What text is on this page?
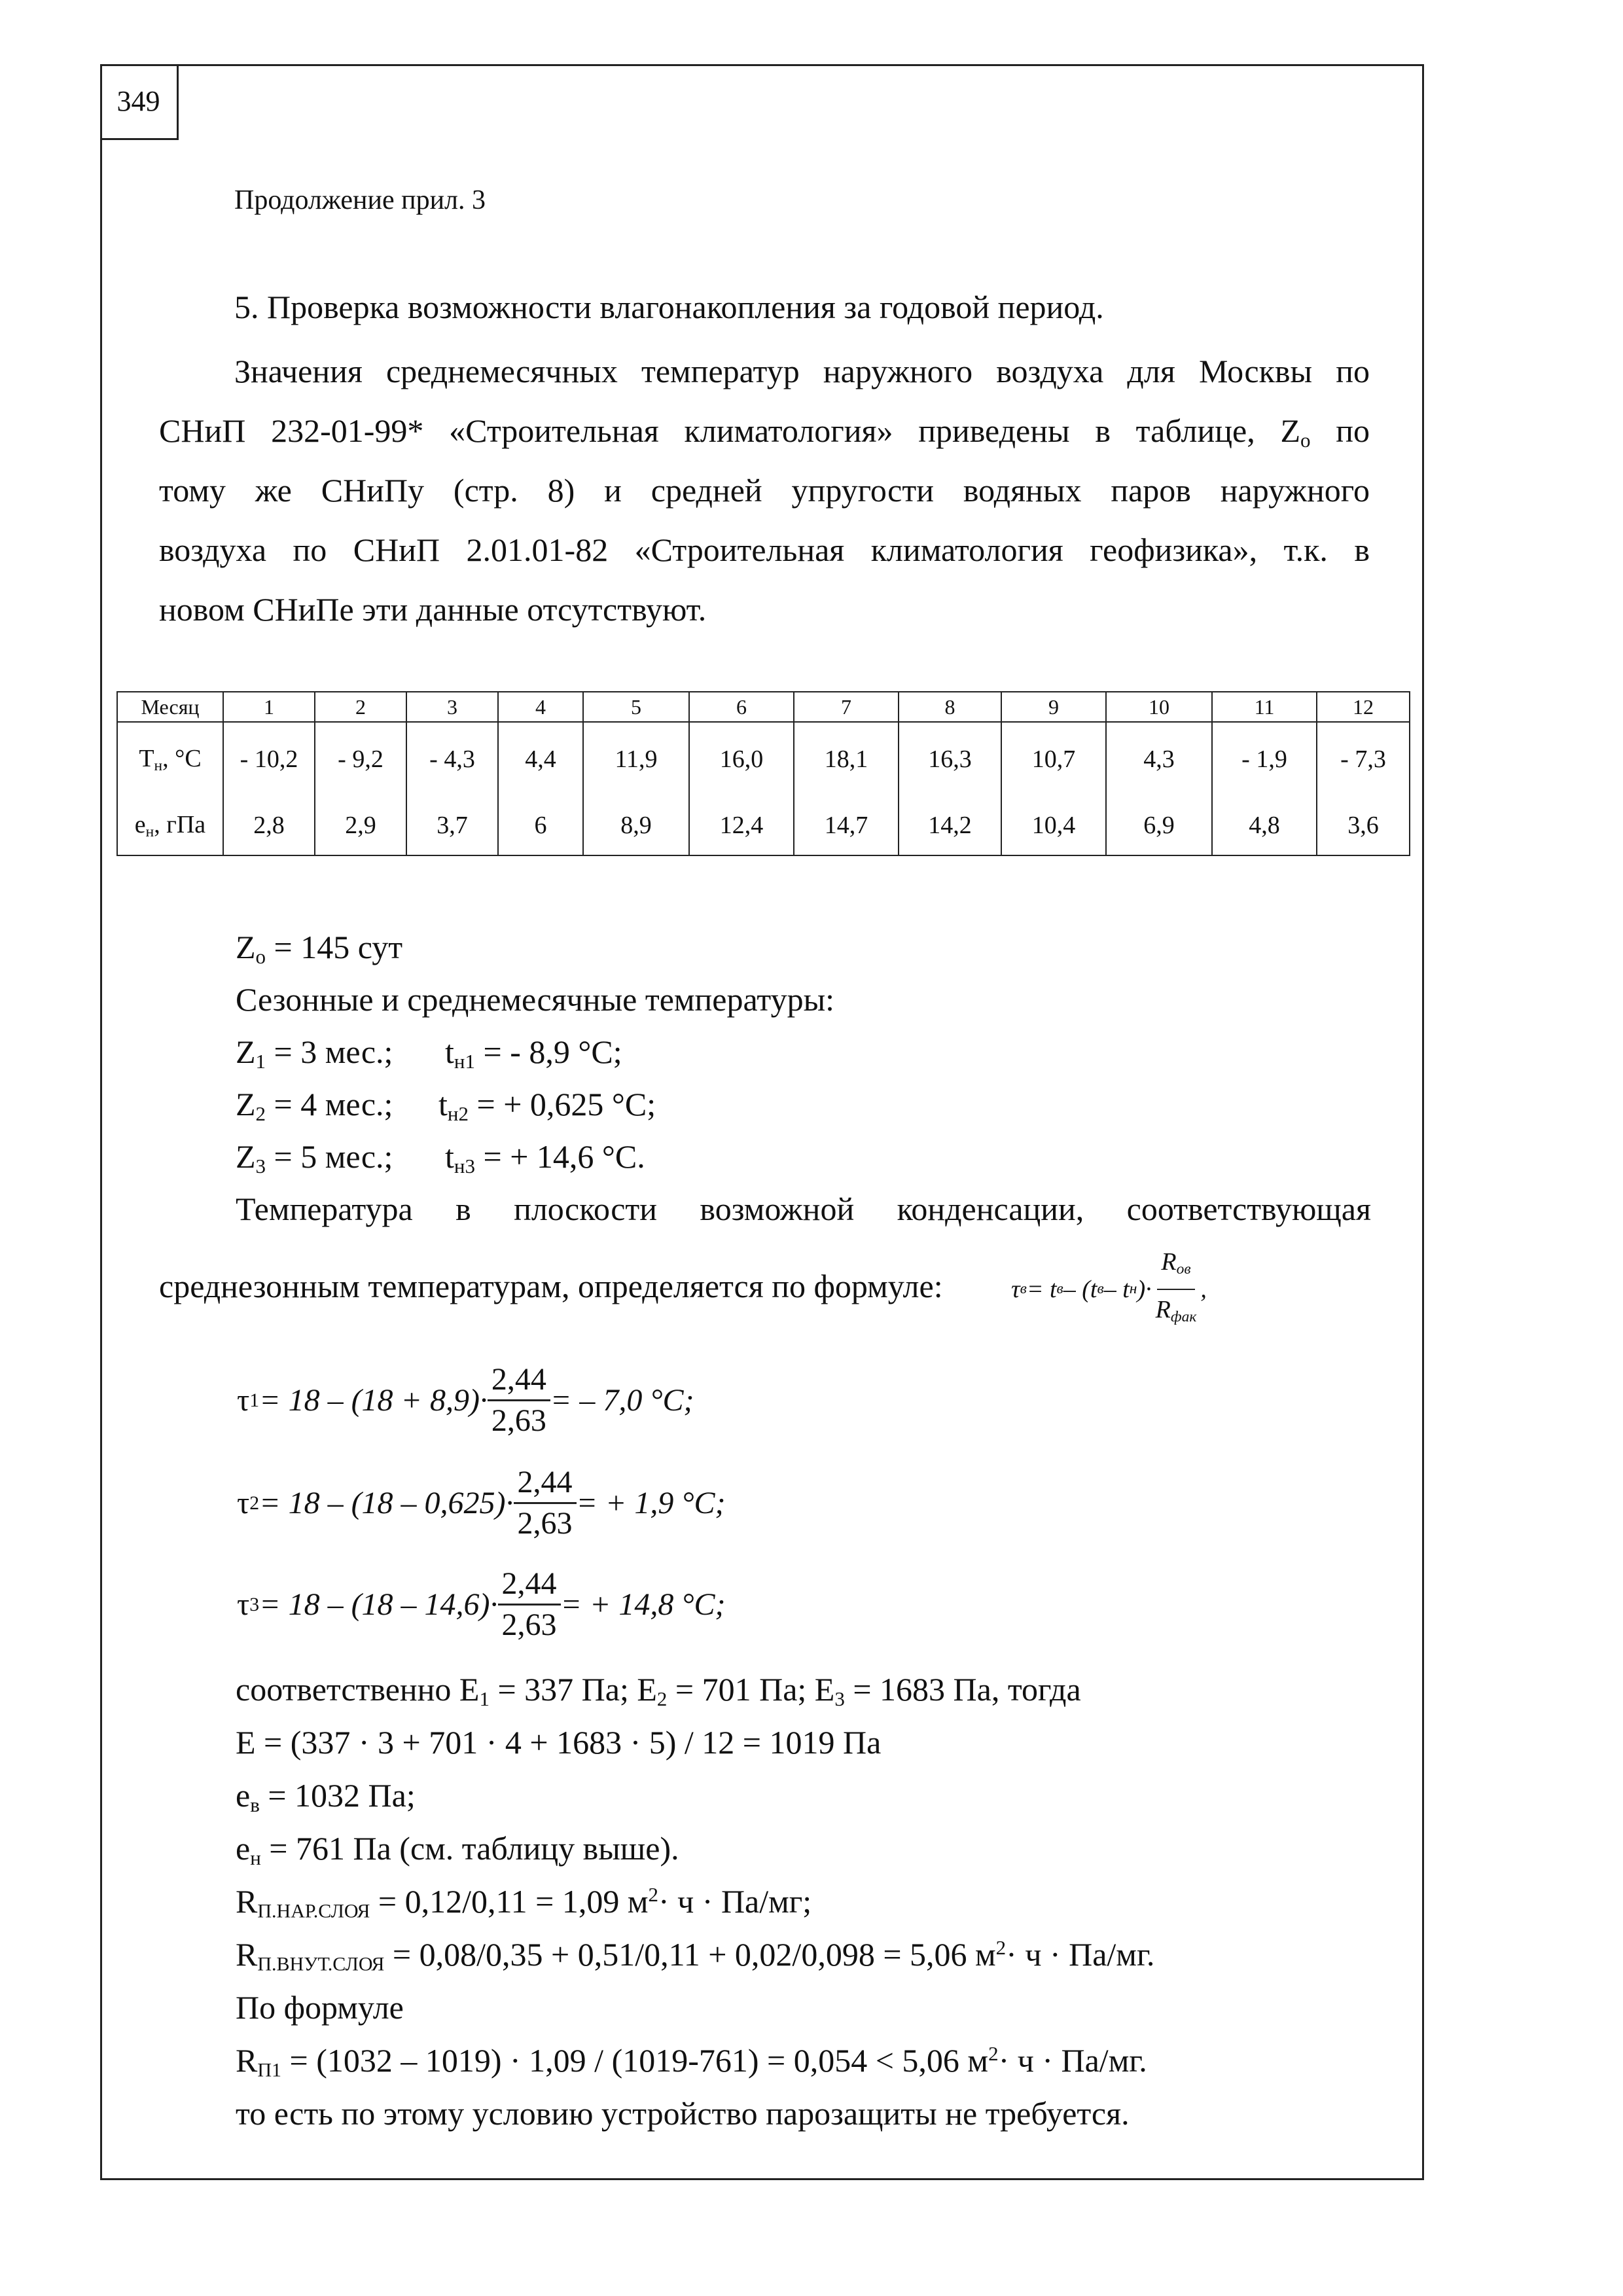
349
Продолжение прил. 3
5. Проверка возможности влагонакопления за годовой период.
Значения среднемесячных температур наружного воздуха для Москвы по
СНиП 232-01-99* «Строительная климатология» приведены в таблице, $Z_о$ по
тому же СНиПу (стр. 8) и средней упругости водяных паров наружного
воздуха по СНиП 2.01.01-82 «Строительная климатология геофизика», т.к. в
новом СНиПе эти данные отсутствуют.
Месяц	1	2	3	4	5	6	7	8	9	10	11	12
$Т_н$, °С	- 10,2	- 9,2	- 4,3	4,4	11,9	16,0	18,1	16,3	10,7	4,3	- 1,9	- 7,3
$е_н$, гПа	2,8	2,9	3,7	6	8,9	12,4	14,7	14,2	10,4	6,9	4,8	3,6
$Z_о = 145$ сут
Сезонные и среднемесячные температуры:
$Z_1 = 3$ мес.; $t_{н1}$ = - 8,9 °С;
$Z_2 = 4$ мес.; $t_{н2}$ = + 0,625 °С;
$Z_3 = 5$ мес.; $t_{н3}$ = + 14,6 °С.
Температура в плоскости возможной конденсации, соответствующая
среднезонным температурам, определяется по формуле:	τ в = t в – (t в – t н )· $\frac{R_{ов}}{R_{фак}}$ ,
τ $1 = 18 - (18 + 8,9)\cdot \frac{2,44}{2,63}$ = – 7,0 °C;
τ $2 = 18 - (18 - 0,625)\cdot \frac{2,44}{2,63}$ = + 1,9 °C;
τ $3 = 18 - (18 - 14,6)\cdot \frac{2,44}{2,63}$ = + 14,8 °C;
соответственно $E_1 = 337$ Па; $E_2 = 701$ Па; $E_3 = 1683$ Па, тогда
E = (337 · 3 + 701 · 4 + 1683 · 5) / 12 = 1019 Па
$е_в = 1032$ Па;
$е_н = 761$ Па (см. таблицу выше).
$R_{П.НАР.СЛОЯ} = 0,12/0,11 = 1,09$ $м^2\cdot ч \cdot Па/мг$;
$R_{П.ВНУТ.СЛОЯ} = 0,08/0,35 + 0,51/0,11 + 0,02/0,098 = 5,06$ $м^2\cdot ч \cdot Па/мг$.
По формуле
$R_{П1} = (1032 - 1019) \cdot 1,09 / (1019-761) = 0,054 < 5,06$ $м^2\cdot ч \cdot Па/мг$.
то есть по этому условию устройство парозащиты не требуется.
